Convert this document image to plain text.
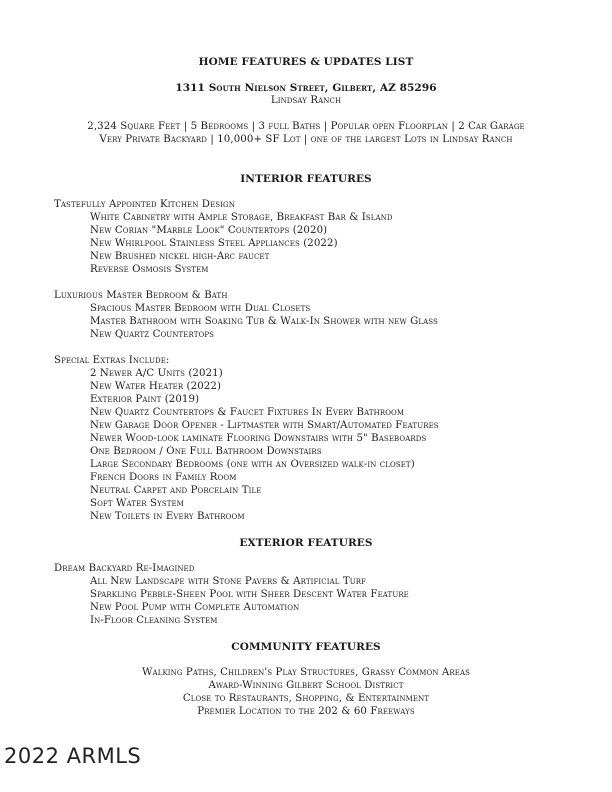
HOME FEATURES & UPDATES LIST
1311 South Nielson Street, Gilbert, AZ 85296
Lindsay Ranch
2,324 Square Feet | 5 Bedrooms | 3 full Baths | Popular open Floorplan | 2 Car Garage
Very Private Backyard | 10,000+ SF Lot | one of the largest Lots in Lindsay Ranch
INTERIOR FEATURES
Tastefully Appointed Kitchen Design
White Cabinetry with Ample Storage, Breakfast Bar & Island
New Corian "Marble Look" Countertops (2020)
New Whirlpool Stainless Steel Appliances (2022)
New Brushed nickel high-Arc faucet
Reverse Osmosis System
Luxurious Master Bedroom & Bath
Spacious Master Bedroom with Dual Closets
Master Bathroom with Soaking Tub & Walk-In Shower with new Glass
New Quartz Countertops
Special Extras Include:
2 Newer A/C Units (2021)
New Water Heater (2022)
Exterior Paint (2019)
New Quartz Countertops & Faucet Fixtures In Every Bathroom
New Garage Door Opener - Liftmaster with Smart/Automated Features
Newer Wood-look laminate Flooring Downstairs with 5" Baseboards
One Bedroom / One Full Bathroom Downstairs
Large Secondary Bedrooms (one with an Oversized walk-in closet)
French Doors in Family Room
Neutral Carpet and Porcelain Tile
Soft Water System
New Toilets in Every Bathroom
EXTERIOR FEATURES
Dream Backyard Re-Imagined
All New Landscape with Stone Pavers & Artificial Turf
Sparkling Pebble-Sheen Pool with Sheer Descent Water Feature
New Pool Pump with Complete Automation
In-Floor Cleaning System
COMMUNITY FEATURES
Walking Paths, Children's Play Structures, Grassy Common Areas
Award-Winning Gilbert School District
Close to Restaurants, Shopping, & Entertainment
Premier Location to the 202 & 60 Freeways
2022 ARMLS
